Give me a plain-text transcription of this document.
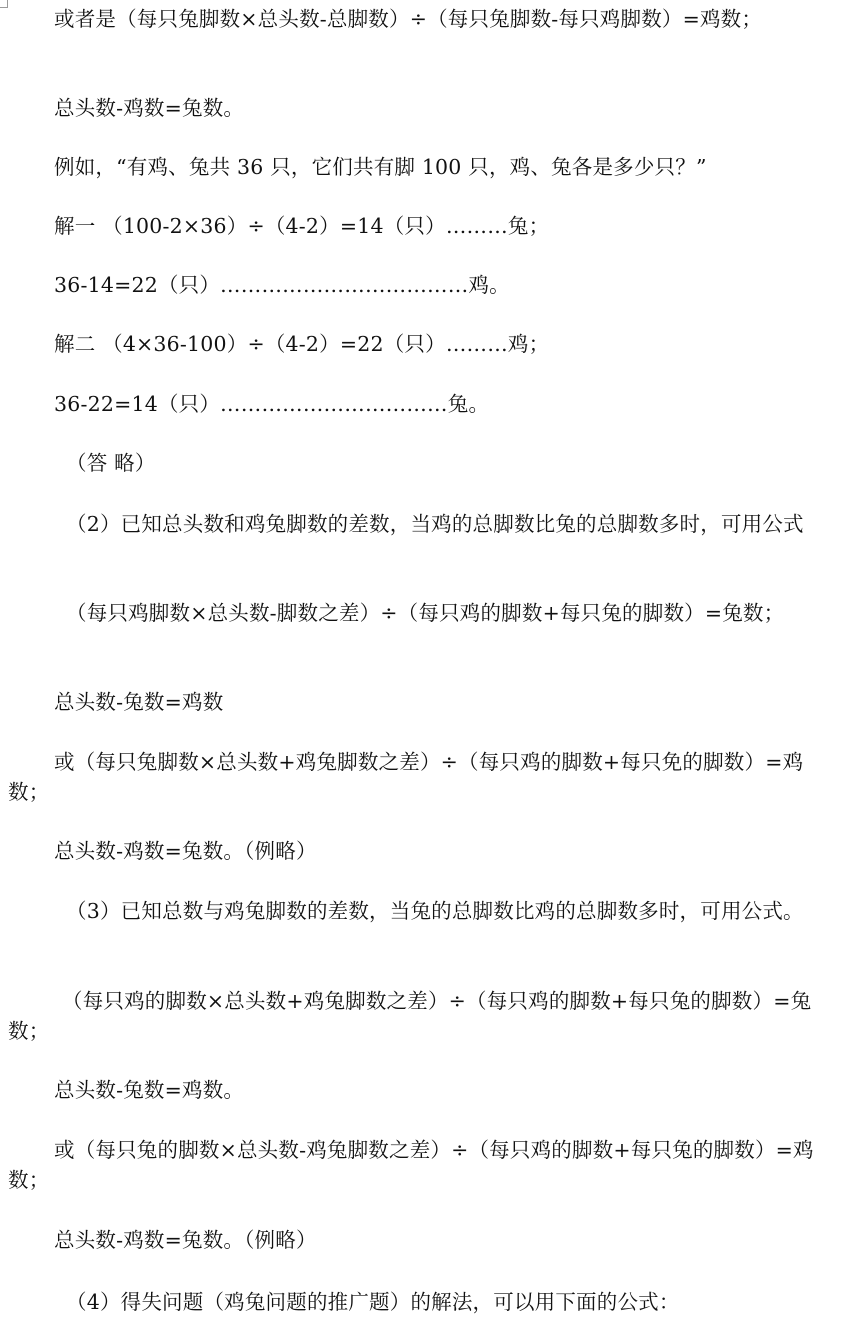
或者是（每只兔脚数×总头数-总脚数）÷（每只兔脚数-每只鸡脚数）=鸡数；

总头数-鸡数=兔数。

例如，“有鸡、兔共 36 只，它们共有脚 100 只，鸡、兔各是多少只？”

解一 （100-2×36）÷（4-2）=14（只）………兔；

36-14=22（只）………………………………鸡。

解二 （4×36-100）÷（4-2）=22（只）………鸡；

36-22=14（只）……………………………兔。

（答 略）

（2）已知总头数和鸡兔脚数的差数，当鸡的总脚数比兔的总脚数多时，可用公式

（每只鸡脚数×总头数-脚数之差）÷（每只鸡的脚数+每只兔的脚数）=兔数；

总头数-兔数=鸡数

或（每只兔脚数×总头数+鸡兔脚数之差）÷（每只鸡的脚数+每只免的脚数）=鸡数；

总头数-鸡数=兔数。（例略）

（3）已知总数与鸡兔脚数的差数，当兔的总脚数比鸡的总脚数多时，可用公式。

（每只鸡的脚数×总头数+鸡兔脚数之差）÷（每只鸡的脚数+每只兔的脚数）=兔数；

总头数-兔数=鸡数。

或（每只兔的脚数×总头数-鸡兔脚数之差）÷（每只鸡的脚数+每只兔的脚数）=鸡数；

总头数-鸡数=兔数。（例略）

（4）得失问题（鸡兔问题的推广题）的解法，可以用下面的公式：
